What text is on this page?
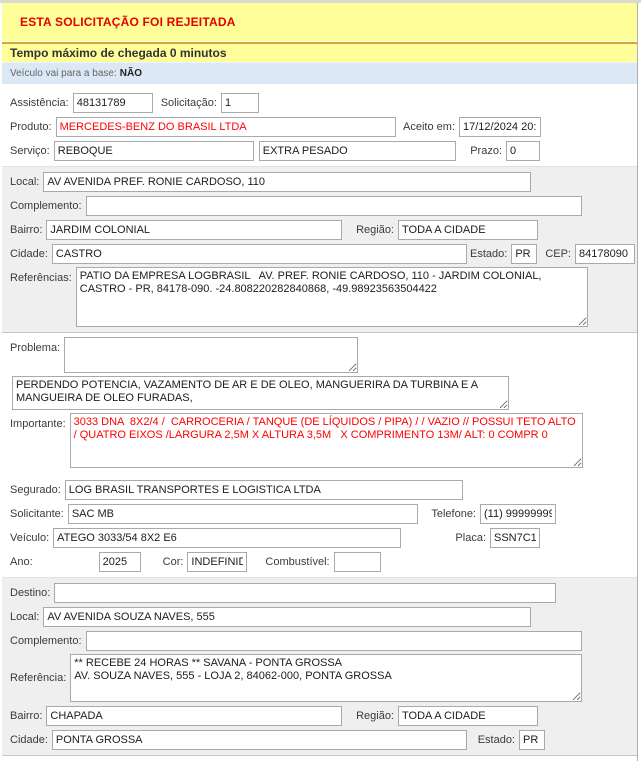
ESTA SOLICITAÇÃO FOI REJEITADA
Tempo máximo de chegada 0 minutos
Veículo vai para a base: NÃO
Assistência:
48131789	Solicitação:
1
Produto:
MERCEDES-BENZ DO BRASIL LTDA	Aceito em:
17/12/2024 20:10
Serviço:
REBOQUE
EXTRA PESADO	Prazo:
0
Local:
AV AVENIDA PREF. RONIE CARDOSO, 110
Complemento:
Bairro:
JARDIM COLONIAL	Região:
TODA A CIDADE
Cidade:
CASTRO	Estado:
PR	CEP:
84178090
Referências:
PATIO DA EMPRESA LOGBRASIL AV. PREF. RONIE CARDOSO, 110 - JARDIM COLONIAL, CASTRO - PR, 84178-090. -24.808220282840868, -49.98923563504422
Problema:
PERDENDO POTENCIA, VAZAMENTO DE AR E DE OLEO, MANGUERIRA DA TURBINA E A MANGUEIRA DE OLEO FURADAS,
Importante:
3033 DNA 8X2/4 / CARROCERIA / TANQUE (DE LÍQUIDOS / PIPA) / / VAZIO // POSSUI TETO ALTO / QUATRO EIXOS /LARGURA 2,5M X ALTURA 3,5M X COMPRIMENTO 13M/ ALT: 0 COMPR 0
Segurado:
LOG BRASIL TRANSPORTES E LOGISTICA LTDA
Solicitante:
SAC MB	Telefone:
(11) 999999999
Veículo:
ATEGO 3033/54 8X2 E6	Placa:
SSN7C17
Ano:
2025	Cor:
INDEFINIDA	Combustível:
Destino:
Local:
AV AVENIDA SOUZA NAVES, 555
Complemento:
Referência:
** RECEBE 24 HORAS ** SAVANA - PONTA GROSSA AV. SOUZA NAVES, 555 - LOJA 2, 84062-000, PONTA GROSSA
Bairro:
CHAPADA	Região:
TODA A CIDADE
Cidade:
PONTA GROSSA	Estado:
PR
